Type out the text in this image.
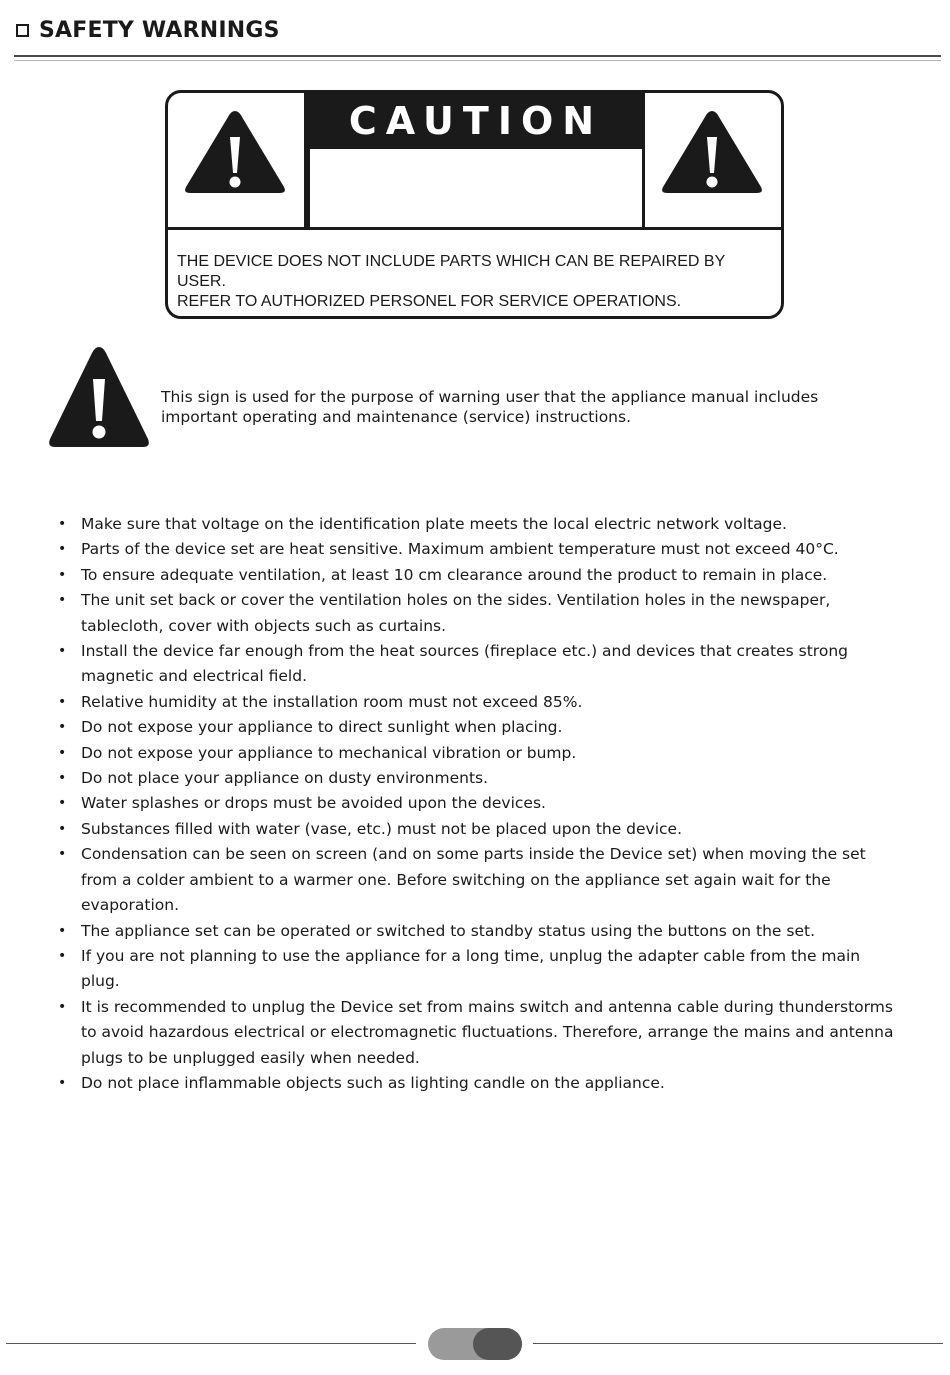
SAFETY WARNINGS
CAUTION
THE DEVICE DOES NOT INCLUDE PARTS WHICH CAN BE REPAIRED BY USER.
REFER TO AUTHORIZED PERSONEL FOR SERVICE OPERATIONS.
This sign is used for the purpose of warning user that the appliance manual includes
important operating and maintenance (service) instructions.
• Make sure that voltage on the identification plate meets the local electric network voltage.
• Parts of the device set are heat sensitive. Maximum ambient temperature must not exceed 40°C.
• To ensure adequate ventilation, at least 10 cm clearance around the product to remain in place.
• The unit set back or cover the ventilation holes on the sides. Ventilation holes in the newspaper,
tablecloth, cover with objects such as curtains.
• Install the device far enough from the heat sources (fireplace etc.) and devices that creates strong
magnetic and electrical field.
• Relative humidity at the installation room must not exceed 85%.
• Do not expose your appliance to direct sunlight when placing.
• Do not expose your appliance to mechanical vibration or bump.
• Do not place your appliance on dusty environments.
• Water splashes or drops must be avoided upon the devices.
• Substances filled with water (vase, etc.) must not be placed upon the device.
• Condensation can be seen on screen (and on some parts inside the Device set) when moving the set
from a colder ambient to a warmer one. Before switching on the appliance set again wait for the
evaporation.
• The appliance set can be operated or switched to standby status using the buttons on the set.
• If you are not planning to use the appliance for a long time, unplug the adapter cable from the main
plug.
• It is recommended to unplug the Device set from mains switch and antenna cable during thunderstorms
to avoid hazardous electrical or electromagnetic fluctuations. Therefore, arrange the mains and antenna
plugs to be unplugged easily when needed.
• Do not place inflammable objects such as lighting candle on the appliance.
